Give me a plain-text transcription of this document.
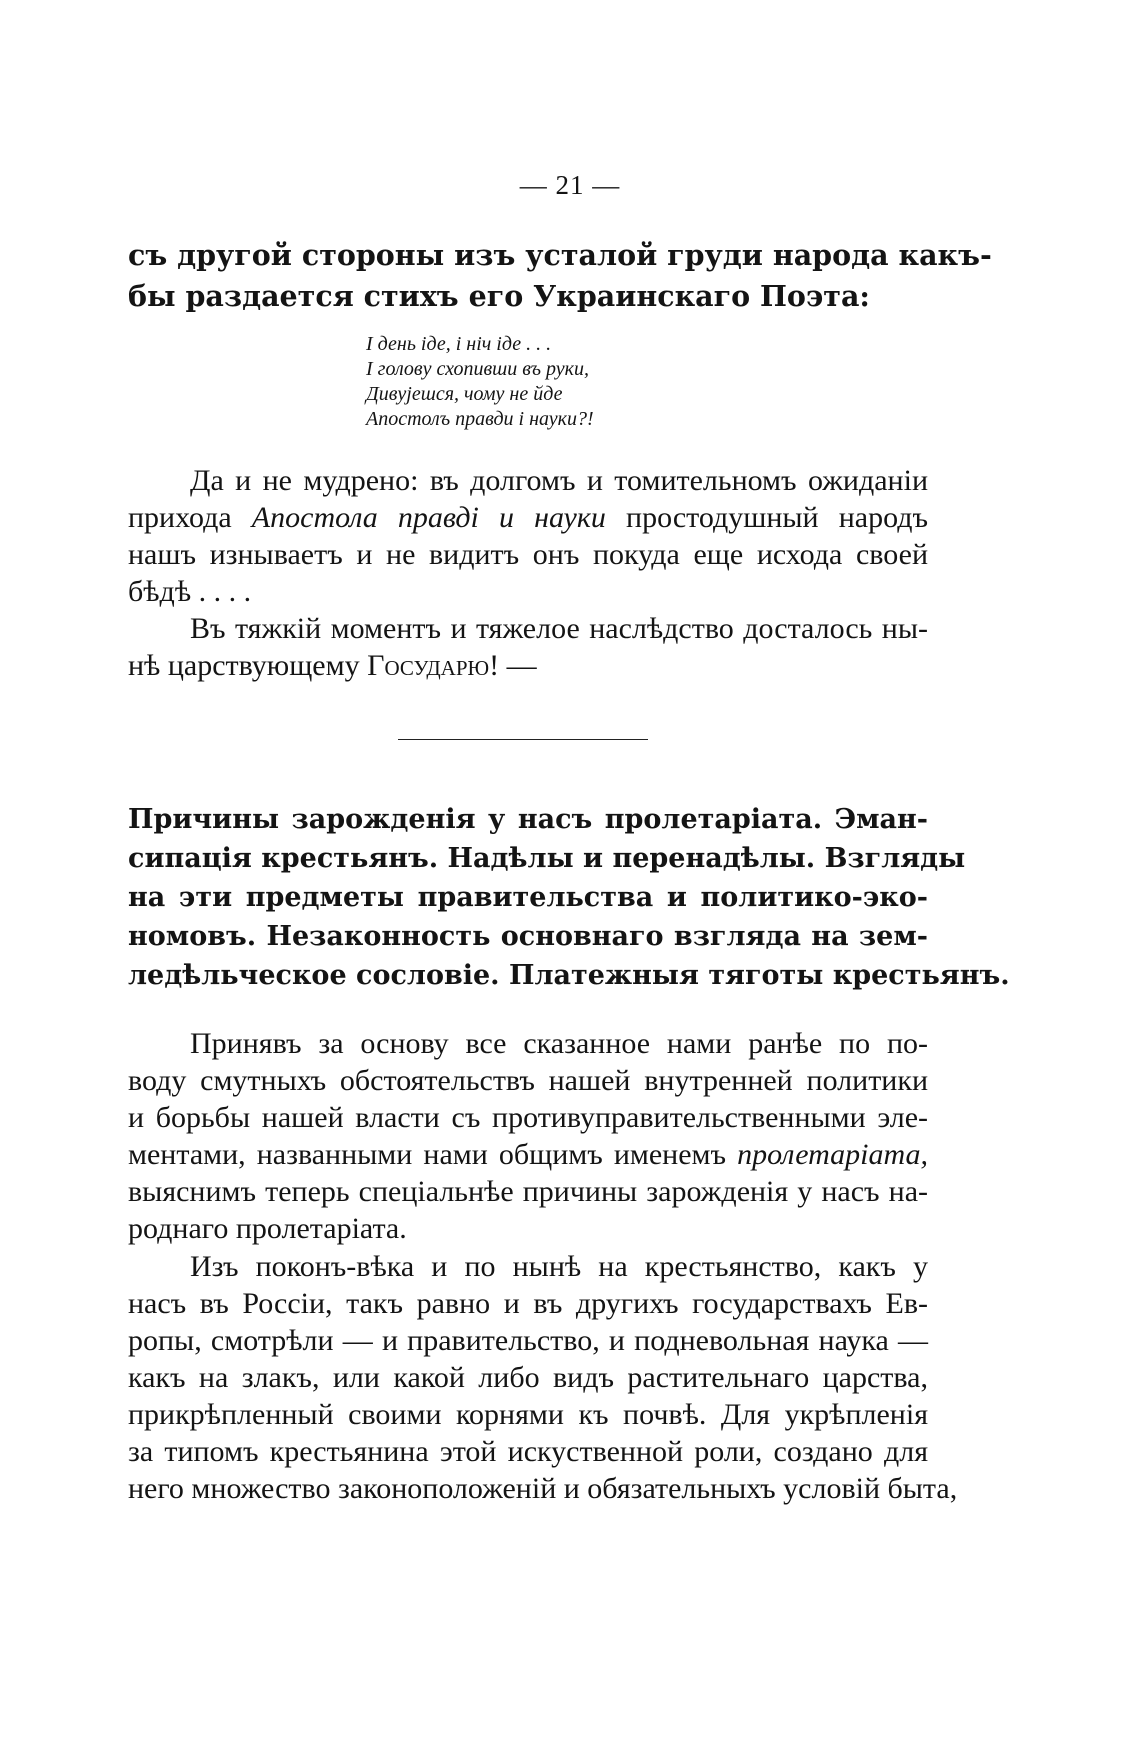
— 21 —
съ другой стороны изъ усталой груди народа какъ-
бы раздается стихъ его Украинскаго Поэта:
І день іде, і ніч іде . . .
І голову схопивши въ руки,
Дивуjешся, чому не йде
Апостолъ правди і науки?!
Да и не мудрено: въ долгомъ и томительномъ ожиданіи
прихода Апостола правді и науки простодушный народъ
нашъ изнываетъ и не видитъ онъ покуда еще исхода своей
бѣдѣ . . . .
Въ тяжкій моментъ и тяжелое наслѣдство досталось ны-
нѣ царствующему Государю! —
Причины зарожденія у насъ пролетаріата. Эман-
сипація крестьянъ. Надѣлы и перенадѣлы. Взгляды
на эти предметы правительства и политико-эко-
номовъ. Незаконность основнаго взгляда на зем-
ледѣльческое сословіе. Платежныя тяготы крестьянъ.
Принявъ за основу все сказанное нами ранѣе по по-
воду смутныхъ обстоятельствъ нашей внутренней политики
и борьбы нашей власти съ противуправительственными эле-
ментами, названными нами общимъ именемъ пролетаріата,
выяснимъ теперь спеціальнѣе причины зарожденія у насъ на-
роднаго пролетаріата.
Изъ поконъ-вѣка и по нынѣ на крестьянство, какъ у
насъ въ Россіи, такъ равно и въ другихъ государствахъ Ев-
ропы, смотрѣли — и правительство, и подневольная наука —
какъ на злакъ, или какой либо видъ растительнаго царства,
прикрѣпленный своими корнями къ почвѣ. Для укрѣпленія
за типомъ крестьянина этой искуственной роли, создано для
него множество законоположеній и обязательныхъ условій быта,
